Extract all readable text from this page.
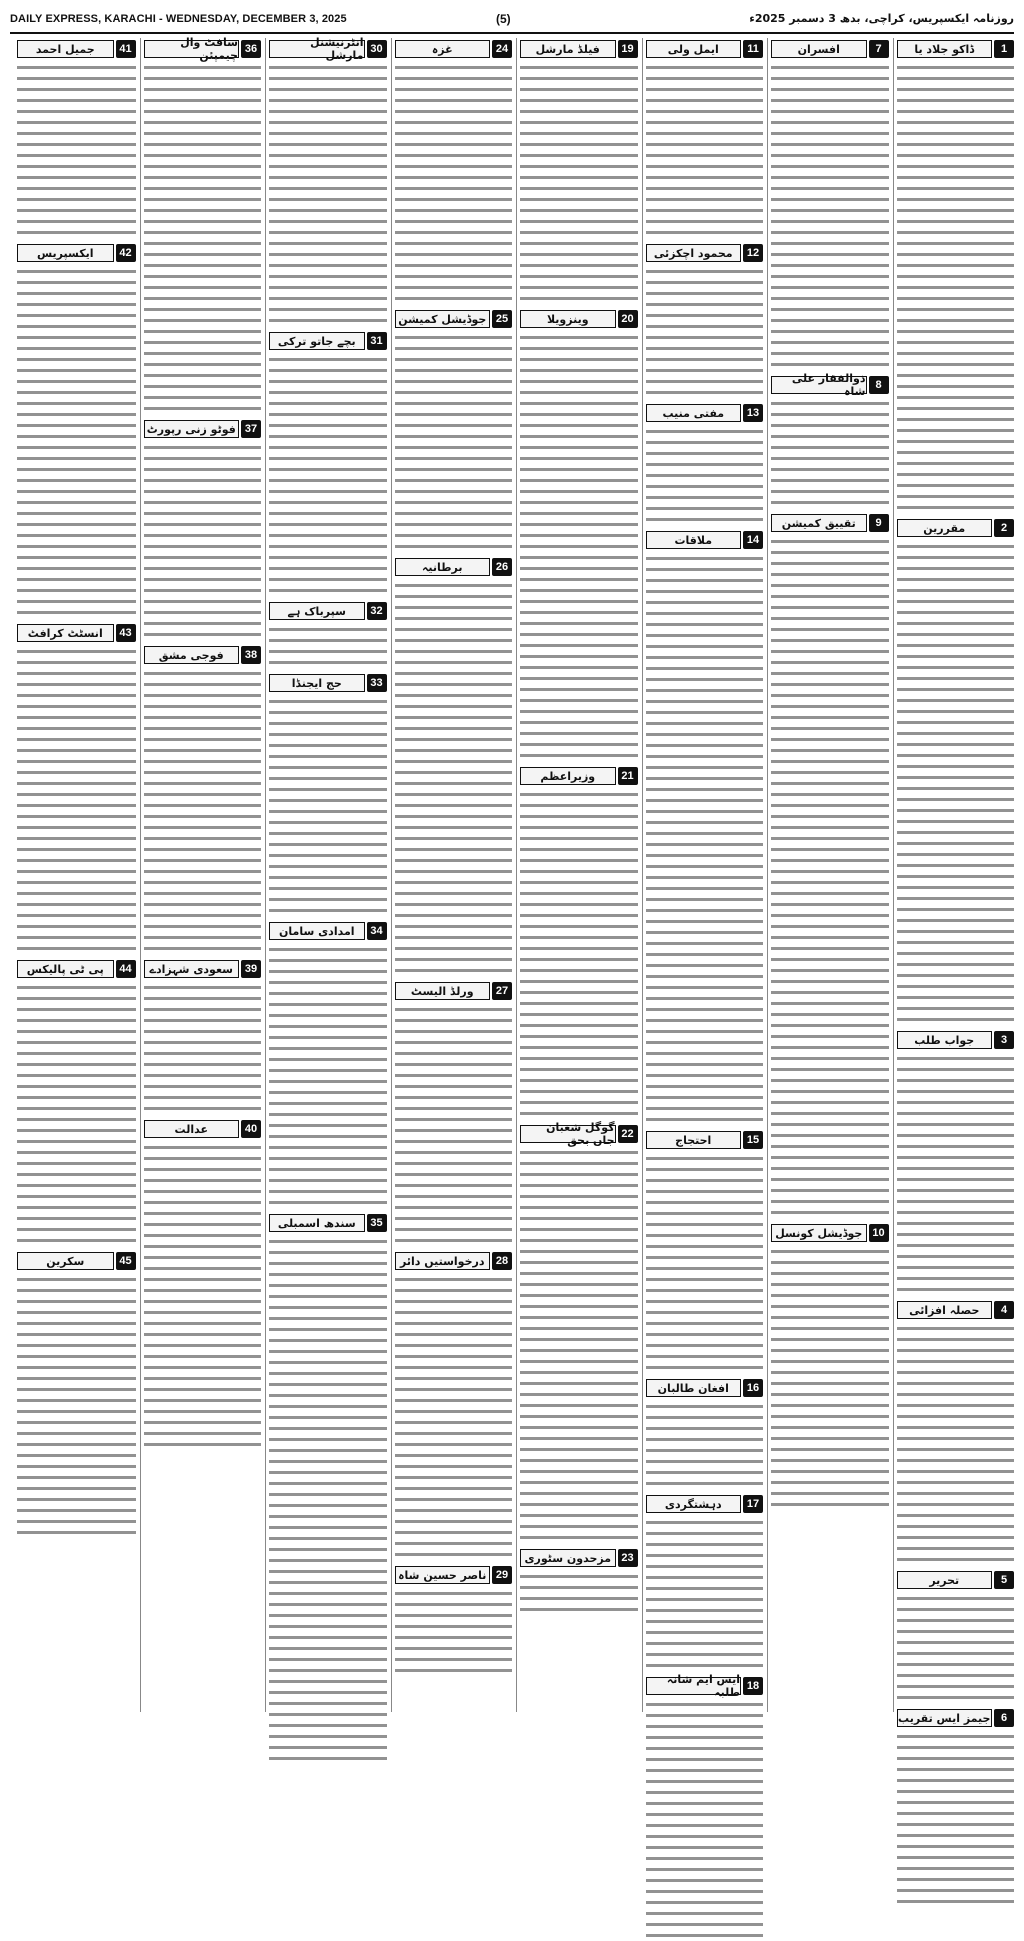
DAILY EXPRESS, KARACHI - WEDNESDAY, DECEMBER 3, 2025	(5)	روزنامہ ایکسپریس، کراچی، بدھ 3 دسمبر 2025ء
1
ڈاکو جلاد یا
2
مقررین
3
جواب طلب
4
حصلہ افزائی
5
تحریر
6
جیمز ایس تقریب
7
افسران
8
ذوالفقار علی شاہ
9
تقییق کمیشن
10
جوڈیشل کونسل
11
ایمل ولی
12
محمود اچکزئی
13
مفتی منیب
14
ملاقات
15
احتجاج
16
افغان طالبان
17
دہشتگردی
18
ایس ایم شانہ طلبہ
19
فیلڈ مارشل
20
وینزویلا
21
وزیراعظم
22
گوگل شعبان جاں بحق
23
مزحدون سٹوری
24
غزہ
25
جوڈیشل کمیشن
26
برطانیہ
27
ورلڈ الیسٹ
28
درخواستیں دائر
29
ناصر حسین شاہ
30
انٹرنیشنل مارشل
31
بچے جاتو ترکی
32
سپرباک ہے
33
حج ایجنڈا
34
امدادی سامان
35
سندھ اسمبلی
36
سافٹ وال چیمپئن
37
فوٹو زنی رپورٹ
38
فوجی مشق
39
سعودی شہزادے
40
عدالت
41
جمیل احمد
42
ایکسپریس
43
انسٹٹ کرافٹ
44
پی ٹی پالیکس
45
سکرین
